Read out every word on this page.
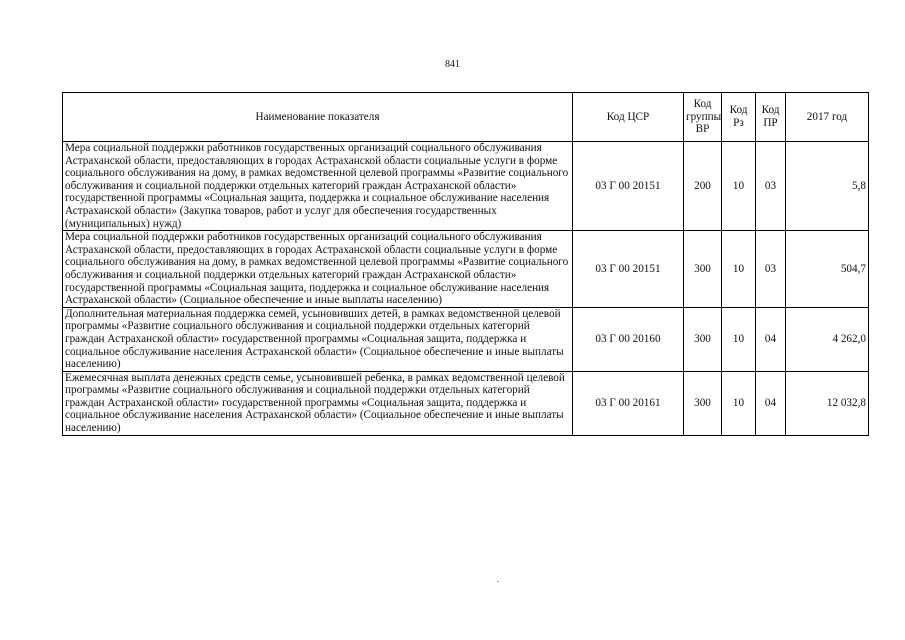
841
Наименование показателя	Код ЦСР	Код группы ВР	Код Рз	Код ПР	2017 год
Мера социальной поддержки работников государственных организаций социального обслуживания Астраханской области, предоставляющих в городах Астраханской области социальные услуги в форме социального обслуживания на дому, в рамках ведомственной целевой программы «Развитие социального обслуживания и социальной поддержки отдельных категорий граждан Астраханской области» государственной программы «Социальная защита, поддержка и социальное обслуживание населения Астраханской области» (Закупка товаров, работ и услуг для обеспечения государственных (муниципальных) нужд)	03 Г 00 20151	200	10	03	5,8
Мера социальной поддержки работников государственных организаций социального обслуживания Астраханской области, предоставляющих в городах Астраханской области социальные услуги в форме социального обслуживания на дому, в рамках ведомственной целевой программы «Развитие социального обслуживания и социальной поддержки отдельных категорий граждан Астраханской области» государственной программы «Социальная защита, поддержка и социальное обслуживание населения Астраханской области» (Социальное обеспечение и иные выплаты населению)	03 Г 00 20151	300	10	03	504,7
Дополнительная материальная поддержка семей, усыновивших детей, в рамках ведомственной целевой программы «Развитие социального обслуживания и социальной поддержки отдельных категорий граждан Астраханской области» государственной программы «Социальная защита, поддержка и социальное обслуживание населения Астраханской области» (Социальное обеспечение и иные выплаты населению)	03 Г 00 20160	300	10	04	4 262,0
Ежемесячная выплата денежных средств семье, усыновившей ребенка, в рамках ведомственной целевой программы «Развитие социального обслуживания и социальной поддержки отдельных категорий граждан Астраханской области» государственной программы «Социальная защита, поддержка и социальное обслуживание населения Астраханской области» (Социальное обеспечение и иные выплаты населению)	03 Г 00 20161	300	10	04	12 032,8
